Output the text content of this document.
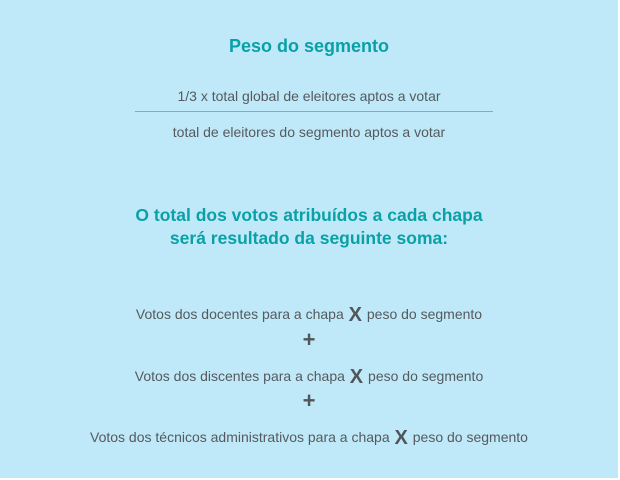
Peso do segmento
1/3 x total global de eleitores aptos a votar
total de eleitores do segmento aptos a votar
O total dos votos atribuídos a cada chapa
será resultado da seguinte soma:
Votos dos docentes para a chapa X peso do segmento
+
Votos dos discentes para a chapa X peso do segmento
+
Votos dos técnicos administrativos para a chapa X peso do segmento
